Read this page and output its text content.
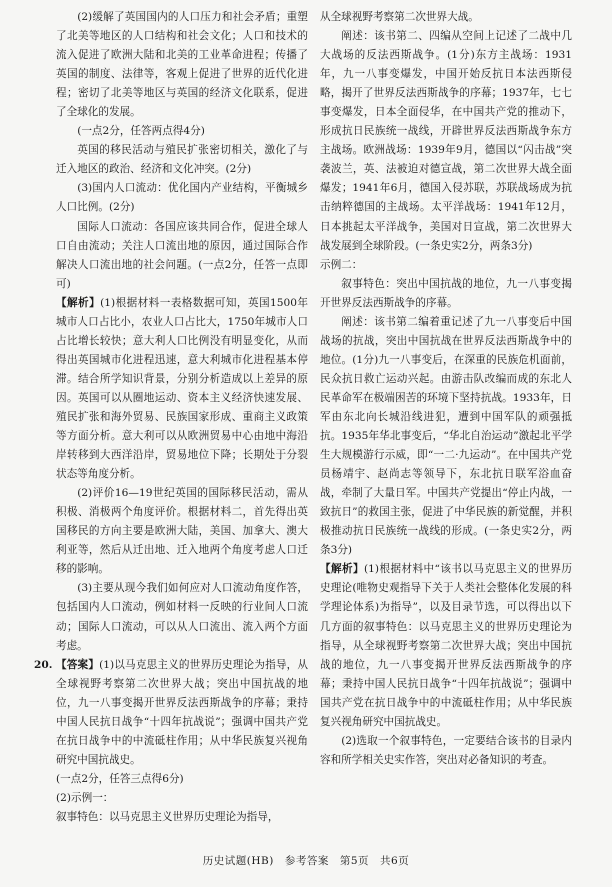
(2)缓解了英国国内的人口压力和社会矛盾；重塑了北美等地区的人口结构和社会文化；人口和技术的流入促进了欧洲大陆和北美的工业革命进程；传播了英国的制度、法律等，客观上促进了世界的近代化进程；密切了北美等地区与英国的经济文化联系，促进了全球化的发展。

(一点2分，任答两点得4分)

英国的移民活动与殖民扩张密切相关，激化了与迁入地区的政治、经济和文化冲突。(2分)

(3)国内人口流动：优化国内产业结构，平衡城乡人口比例。(2分)

国际人口流动：各国应该共同合作，促进全球人口自由流动；关注人口流出地的原因，通过国际合作解决人口流出地的社会问题。(一点2分，任答一点即可)

【解析】(1)根据材料一表格数据可知，英国1500年城市人口占比小，农业人口占比大，1750年城市人口占比增长较快；意大利人口比例没有明显变化，从而得出英国城市化进程迅速，意大利城市化进程基本停滞。结合所学知识背景，分别分析造成以上差异的原因。英国可以从圈地运动、资本主义经济快速发展、殖民扩张和海外贸易、民族国家形成、重商主义政策等方面分析。意大利可以从欧洲贸易中心由地中海沿岸转移到大西洋沿岸，贸易地位下降；长期处于分裂状态等角度分析。

(2)评价16—19世纪英国的国际移民活动，需从积极、消极两个角度评价。根据材料二，首先得出英国移民的方向主要是欧洲大陆，美国、加拿大、澳大利亚等，然后从迁出地、迁入地两个角度考虑人口迁移的影响。

(3)主要从现今我们如何应对人口流动角度作答，包括国内人口流动，例如材料一反映的行业间人口流动；国际人口流动，可以从人口流出、流入两个方面考虑。

20. 【答案】(1)以马克思主义的世界历史理论为指导，从全球视野考察第二次世界大战；突出中国抗战的地位，九一八事变揭开世界反法西斯战争的序幕；秉持中国人民抗日战争“十四年抗战说”；强调中国共产党在抗日战争中的中流砥柱作用；从中华民族复兴视角研究中国抗战史。

(一点2分，任答三点得6分)

(2)示例一：

叙事特色：以马克思主义世界历史理论为指导，

从全球视野考察第二次世界大战。

阐述：该书第二、四编从空间上记述了二战中几大战场的反法西斯战争。(1分)东方主战场：1931年，九一八事变爆发，中国开始反抗日本法西斯侵略，揭开了世界反法西斯战争的序幕；1937年，七七事变爆发，日本全面侵华，在中国共产党的推动下，形成抗日民族统一战线，开辟世界反法西斯战争东方主战场。欧洲战场：1939年9月，德国以“闪击战”突袭波兰，英、法被迫对德宣战，第二次世界大战全面爆发；1941年6月，德国入侵苏联，苏联战场成为抗击纳粹德国的主战场。太平洋战场：1941年12月，日本挑起太平洋战争，美国对日宣战，第二次世界大战发展到全球阶段。(一条史实2分，两条3分)

示例二：

叙事特色：突出中国抗战的地位，九一八事变揭开世界反法西斯战争的序幕。

阐述：该书第二编着重记述了九一八事变后中国战场的抗战，突出中国抗战在世界反法西斯战争中的地位。(1分)九一八事变后，在深重的民族危机面前，民众抗日救亡运动兴起。由游击队改编而成的东北人民革命军在极端困苦的环境下坚持抗战。1933年，日军由东北向长城沿线进犯，遭到中国军队的顽强抵抗。1935年华北事变后，“华北自治运动”激起北平学生大规模游行示威，即“一二·九运动”。在中国共产党员杨靖宇、赵尚志等领导下，东北抗日联军浴血奋战，牵制了大量日军。中国共产党提出“停止内战，一致抗日”的救国主张，促进了中华民族的新觉醒，并积极推动抗日民族统一战线的形成。(一条史实2分，两条3分)

【解析】(1)根据材料中“该书以马克思主义的世界历史理论(唯物史观指导下关于人类社会整体化发展的科学理论体系)为指导”，以及目录节选，可以得出以下几方面的叙事特色：以马克思主义的世界历史理论为指导，从全球视野考察第二次世界大战；突出中国抗战的地位，九一八事变揭开世界反法西斯战争的序幕；秉持中国人民抗日战争“十四年抗战说”；强调中国共产党在抗日战争中的中流砥柱作用；从中华民族复兴视角研究中国抗战史。

(2)选取一个叙事特色，一定要结合该书的目录内容和所学相关史实作答，突出对必备知识的考查。

历史试题(HB)　参考答案　第5页　共6页
